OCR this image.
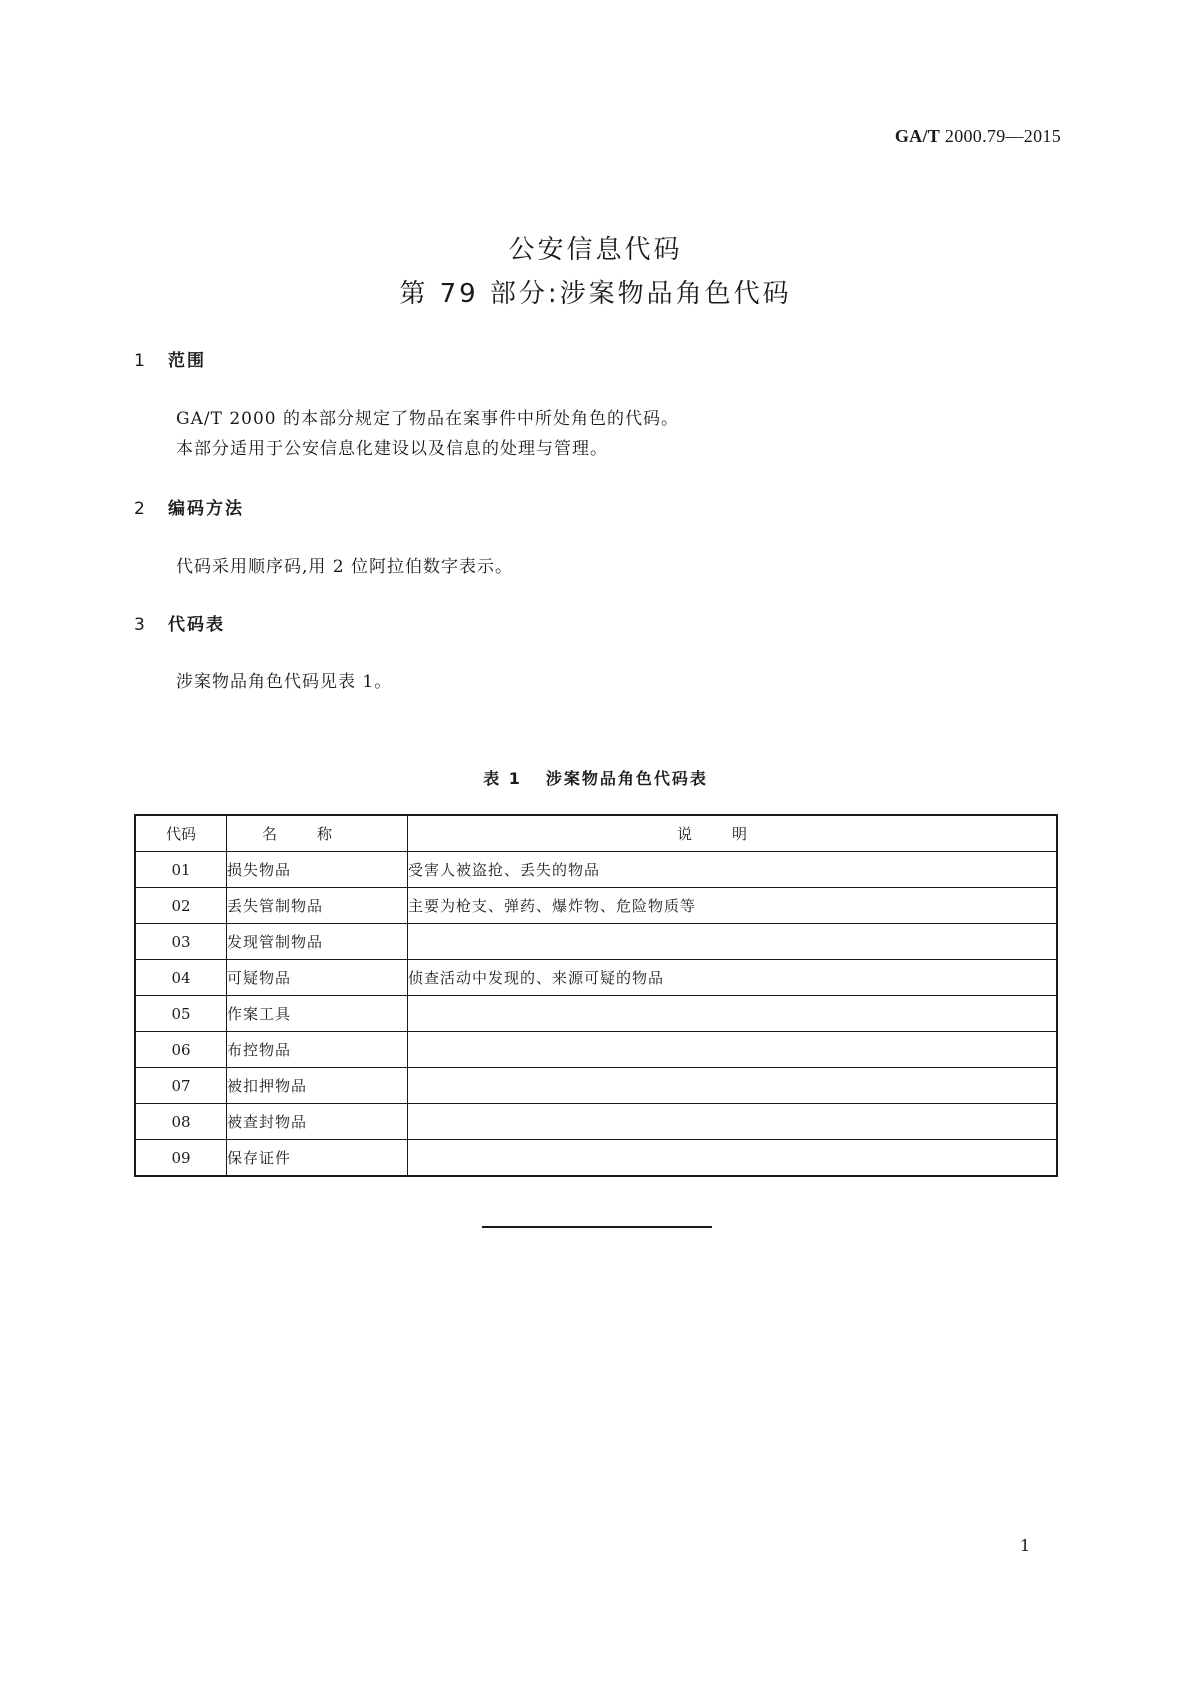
GA/T 2000.79—2015
公安信息代码
第 79 部分:涉案物品角色代码
1 范围
GA/T 2000 的本部分规定了物品在案事件中所处角色的代码。
本部分适用于公安信息化建设以及信息的处理与管理。
2 编码方法
代码采用顺序码,用 2 位阿拉伯数字表示。
3 代码表
涉案物品角色代码见表 1。
表 1 涉案物品角色代码表
代码	名称	说明
01	损失物品	受害人被盗抢、丢失的物品
02	丢失管制物品	主要为枪支、弹药、爆炸物、危险物质等
03	发现管制物品	
04	可疑物品	侦查活动中发现的、来源可疑的物品
05	作案工具	
06	布控物品	
07	被扣押物品	
08	被查封物品	
09	保存证件	
1
